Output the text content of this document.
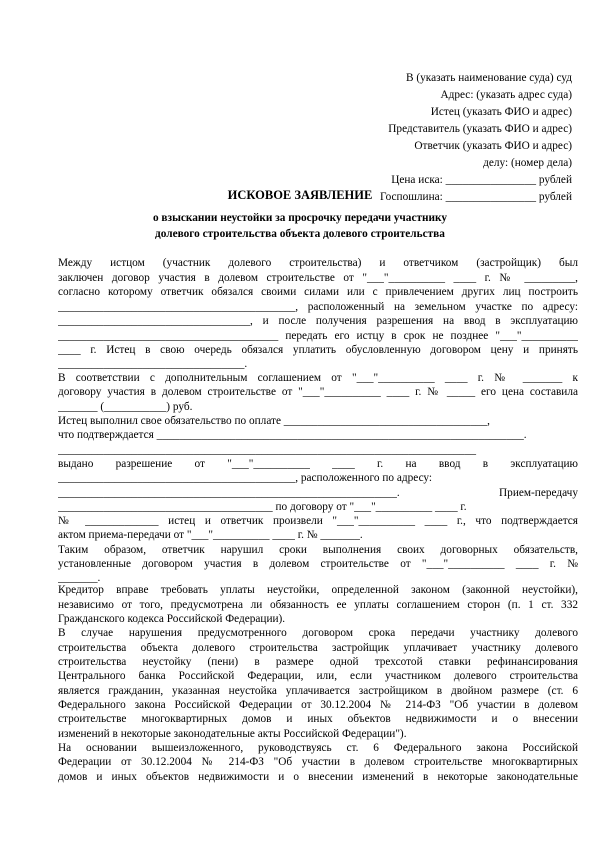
В (указать наименование суда) суд
Адрес: (указать адрес суда)
Истец (указать ФИО и адрес)
Представитель (указать ФИО и адрес)
Ответчик (указать ФИО и адрес)
делу: (номер дела)
Цена иска: ________________ рублей
Госпошлина: ________________ рублей
ИСКОВОЕ ЗАЯВЛЕНИЕ
о взыскании неустойки за просрочку передачи участнику
долевого строительства объекта долевого строительства
Между истцом (участник долевого строительства) и ответчиком (застройщик) был
заключен договор участия в долевом строительстве от "___"__________ ____ г. № _________,
согласно которому ответчик обязался своими силами или с привлечением других лиц построить
__________________________________________, расположенный на земельном участке по адресу:
__________________________________, и после получения разрешения на ввод в эксплуатацию
_______________________________________ передать его истцу в срок не позднее "___"__________
____ г. Истец в свою очередь обязался уплатить обусловленную договором цену и принять
_________________________________.
В соответствии с дополнительным соглашением от "___"__________ ____ г. № _______ к
договору участия в долевом строительстве от "___"__________ ____ г. № _____ его цена составила
_______ (___________) руб.
Истец выполнил свое обязательство по оплате ____________________________________,
что подтверждается _________________________________________________________________.
__________________________________________________________________________
выдано разрешение от "___"__________ ____ г. на ввод в эксплуатацию
__________________________________________, расположенного по адресу:
____________________________________________________________. Прием-передачу
______________________________________ по договору от "___"__________ ____ г.
№ _____________ истец и ответчик произвели "___"__________ ____ г., что подтверждается
актом приема-передачи от "___"__________ ____ г. № _______.
Таким образом, ответчик нарушил сроки выполнения своих договорных обязательств,
установленные договором участия в долевом строительстве от "___"__________ ____ г. №
_______.
Кредитор вправе требовать уплаты неустойки, определенной законом (законной неустойки),
независимо от того, предусмотрена ли обязанность ее уплаты соглашением сторон (п. 1 ст. 332
Гражданского кодекса Российской Федерации).
В случае нарушения предусмотренного договором срока передачи участнику долевого
строительства объекта долевого строительства застройщик уплачивает участнику долевого
строительства неустойку (пени) в размере одной трехсотой ставки рефинансирования
Центрального банка Российской Федерации, или, если участником долевого строительства
является гражданин, указанная неустойка уплачивается застройщиком в двойном размере (ст. 6
Федерального закона Российской Федерации от 30.12.2004 № 214-ФЗ "Об участии в долевом
строительстве многоквартирных домов и иных объектов недвижимости и о внесении
изменений в некоторые законодательные акты Российской Федерации").
На основании вышеизложенного, руководствуясь ст. 6 Федерального закона Российской
Федерации от 30.12.2004 № 214-ФЗ "Об участии в долевом строительстве многоквартирных
домов и иных объектов недвижимости и о внесении изменений в некоторые законодательные
